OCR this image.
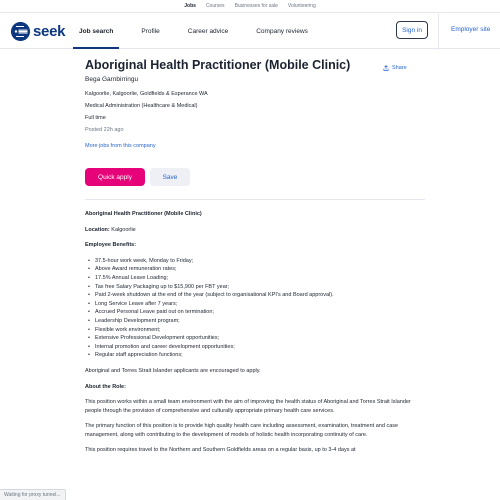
Jobs Courses Businesses for sale Volunteering
seek Job search	Profile	Career advice	Company reviews	Sign in	Employer site
Aboriginal Health Practitioner (Mobile Clinic)
Bega Garnbirringu
Kalgoorlie, Kalgoorlie, Goldfields & Esperance WA
Medical Administration (Healthcare & Medical)
Full time
Posted 22h ago
More jobs from this company
Share
Quick apply	Save

Aboriginal Health Practitioner (Mobile Clinic)

Location: Kalgoorlie

Employee Benefits:

• 37.5-hour work week, Monday to Friday;
• Above Award remuneration rates;
• 17.5% Annual Leave Loading;
• Tax free Salary Packaging up to $15,900 per FBT year;
• Paid 2-week shutdown at the end of the year (subject to organisational KPI's and Board approval).
• Long Service Leave after 7 years;
• Accrued Personal Leave paid out on termination;
• Leadership Development program;
• Flexible work environment;
• Extensive Professional Development opportunities;
• Internal promotion and career development opportunities;
• Regular staff appreciation functions;

Aboriginal and Torres Strait Islander applicants are encouraged to apply.

About the Role:

This position works within a small team environment with the aim of improving the health status of Aboriginal and Torres Strait Islander people through the provision of comprehensive and culturally appropriate primary health care services.

The primary function of this position is to provide high quality health care including assessment, examination, treatment and case management, along with contributing to the development of models of holistic health incorporating continuity of care.

This position requires travel to the Northern and Southern Goldfields areas on a regular basis, up to 3-4 days at

Waiting for proxy tunnel...
